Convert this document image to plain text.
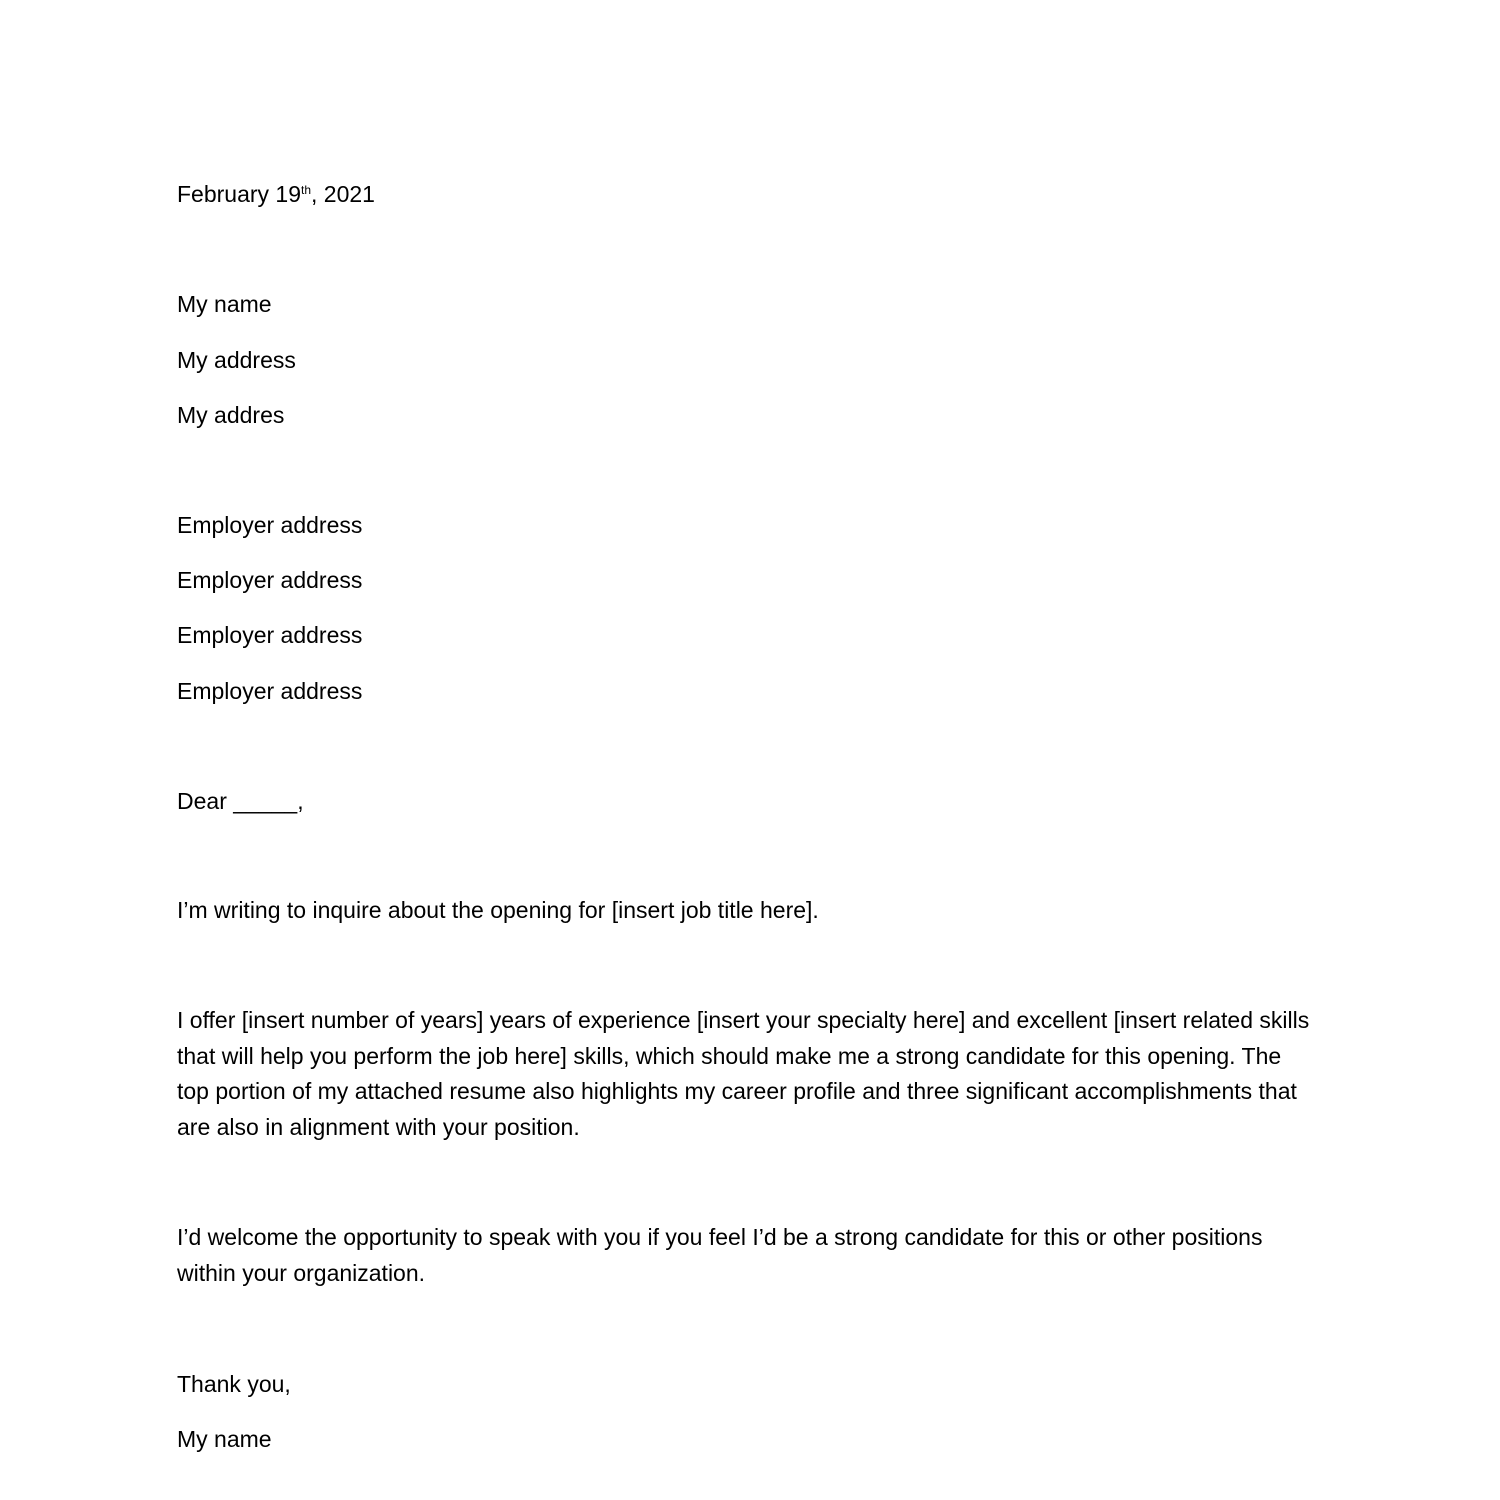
February 19th, 2021

My name

My address

My addres

Employer address

Employer address

Employer address

Employer address

Dear _____,

I’m writing to inquire about the opening for [insert job title here].

I offer [insert number of years] years of experience [insert your specialty here] and excellent [insert related skills that will help you perform the job here] skills, which should make me a strong candidate for this opening. The top portion of my attached resume also highlights my career profile and three significant accomplishments that are also in alignment with your position.

I’d welcome the opportunity to speak with you if you feel I’d be a strong candidate for this or other positions within your organization.

Thank you,

My name
